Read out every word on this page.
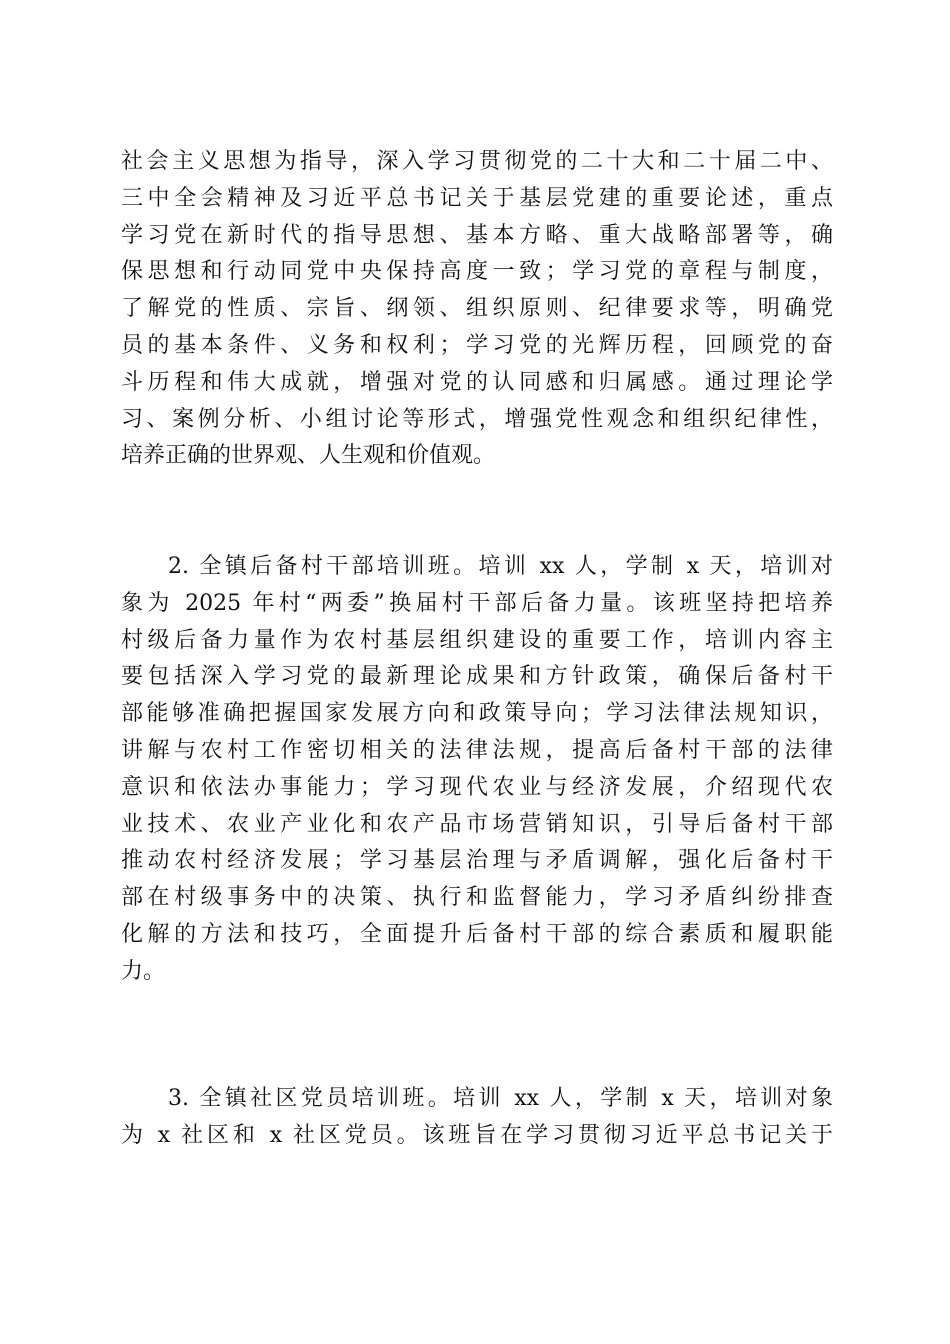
社会主义思想为指导，深入学习贯彻党的二十大和二十届二中、
三中全会精神及习近平总书记关于基层党建的重要论述，重点
学习党在新时代的指导思想、基本方略、重大战略部署等，确
保思想和行动同党中央保持高度一致；学习党的章程与制度，
了解党的性质、宗旨、纲领、组织原则、纪律要求等，明确党
员的基本条件、义务和权利；学习党的光辉历程，回顾党的奋
斗历程和伟大成就，增强对党的认同感和归属感。通过理论学
习、案例分析、小组讨论等形式，增强党性观念和组织纪律性，
培养正确的世界观、人生观和价值观。
2. 全镇后备村干部培训班。培训 xx 人，学制 x 天，培训对
象为 2025 年村“两委”换届村干部后备力量。该班坚持把培养
村级后备力量作为农村基层组织建设的重要工作，培训内容主
要包括深入学习党的最新理论成果和方针政策，确保后备村干
部能够准确把握国家发展方向和政策导向；学习法律法规知识，
讲解与农村工作密切相关的法律法规，提高后备村干部的法律
意识和依法办事能力；学习现代农业与经济发展，介绍现代农
业技术、农业产业化和农产品市场营销知识，引导后备村干部
推动农村经济发展；学习基层治理与矛盾调解，强化后备村干
部在村级事务中的决策、执行和监督能力，学习矛盾纠纷排查
化解的方法和技巧，全面提升后备村干部的综合素质和履职能
力。
3. 全镇社区党员培训班。培训 xx 人，学制 x 天，培训对象
为 x 社区和 x 社区党员。该班旨在学习贯彻习近平总书记关于
